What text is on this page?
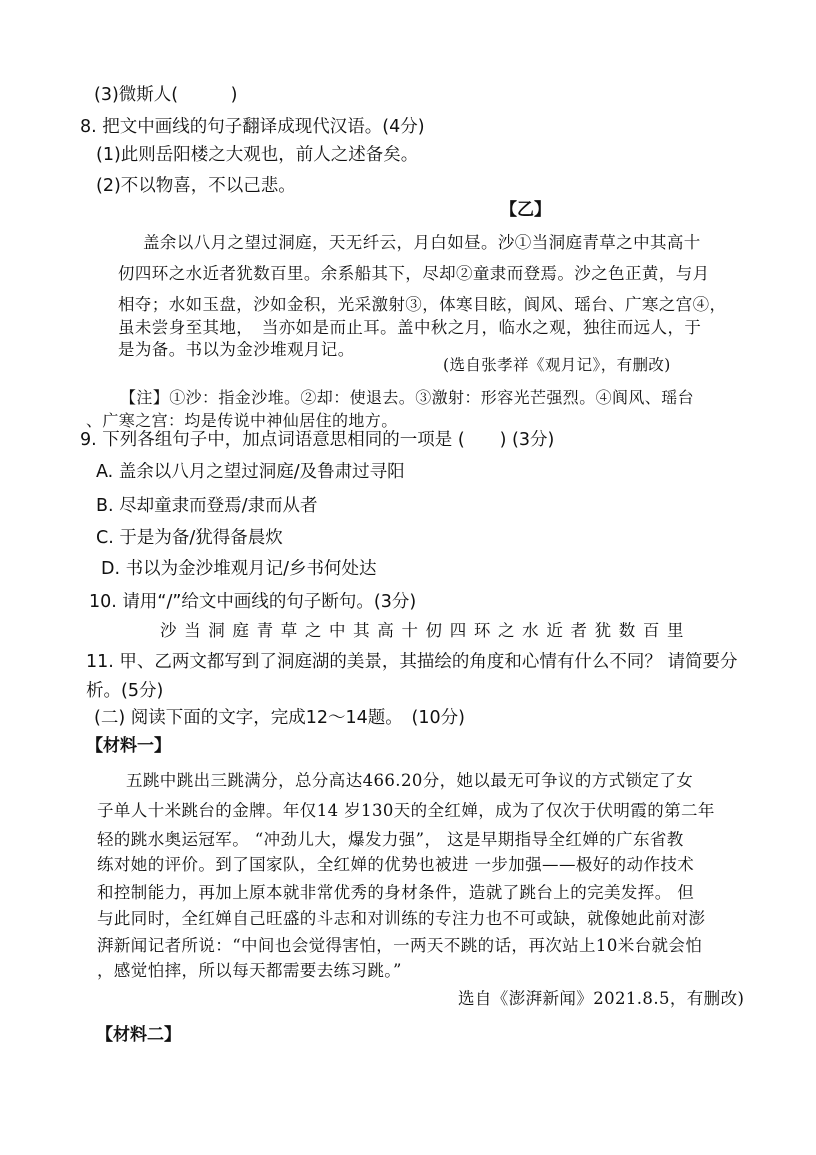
(3)微斯人(　　　)
8. 把文中画线的句子翻译成现代汉语。(4分)
(1)此则岳阳楼之大观也，前人之述备矣。
(2)不以物喜，不以己悲。
【乙】
盖余以八月之望过洞庭，天无纤云，月白如昼。沙①当洞庭青草之中其高十
仞四环之水近者犹数百里。余系船其下，尽却②童隶而登焉。沙之色正黄，与月
相夺；水如玉盘，沙如金积，光采激射③，体寒目眩，阆风、瑶台、广寒之宫④，
虽未尝身至其地，　当亦如是而止耳。盖中秋之月，临水之观，独往而远人，于
是为备。书以为金沙堆观月记。
(选自张孝祥《观月记》，有删改)
【注】①沙：指金沙堆。②却：使退去。③激射：形容光芒强烈。④阆风、瑶台
、广寒之宫：均是传说中神仙居住的地方。
9. 下列各组句子中，加点词语意思相同的一项是 (　　) (3分)
A. 盖余以八月之望过洞庭/及鲁肃过寻阳
B. 尽却童隶而登焉/隶而从者
C. 于是为备/犹得备晨炊
D. 书以为金沙堆观月记/乡书何处达
10. 请用“/”给文中画线的句子断句。(3分)
沙 当 洞 庭 青 草 之 中 其 高 十 仞 四 环 之 水 近 者 犹 数 百 里
11. 甲、乙两文都写到了洞庭湖的美景，其描绘的角度和心情有什么不同？ 请简要分
析。(5分)
(二) 阅读下面的文字，完成12～14题。　(10分)
【材料一】
五跳中跳出三跳满分，总分高达466.20分，她以最无可争议的方式锁定了女
子单人十米跳台的金牌。年仅14 岁130天的全红婵，成为了仅次于伏明霞的第二年
轻的跳水奥运冠军。 “冲劲儿大，爆发力强”， 这是早期指导全红婵的广东省教
练对她的评价。到了国家队，全红婵的优势也被进 一步加强——极好的动作技术
和控制能力，再加上原本就非常优秀的身材条件，造就了跳台上的完美发挥。 但
与此同时，全红婵自己旺盛的斗志和对训练的专注力也不可或缺，就像她此前对澎
湃新闻记者所说：“中间也会觉得害怕，一两天不跳的话，再次站上10米台就会怕
，感觉怕摔，所以每天都需要去练习跳。”
选自《澎湃新闻》2021.8.5，有删改)
【材料二】
